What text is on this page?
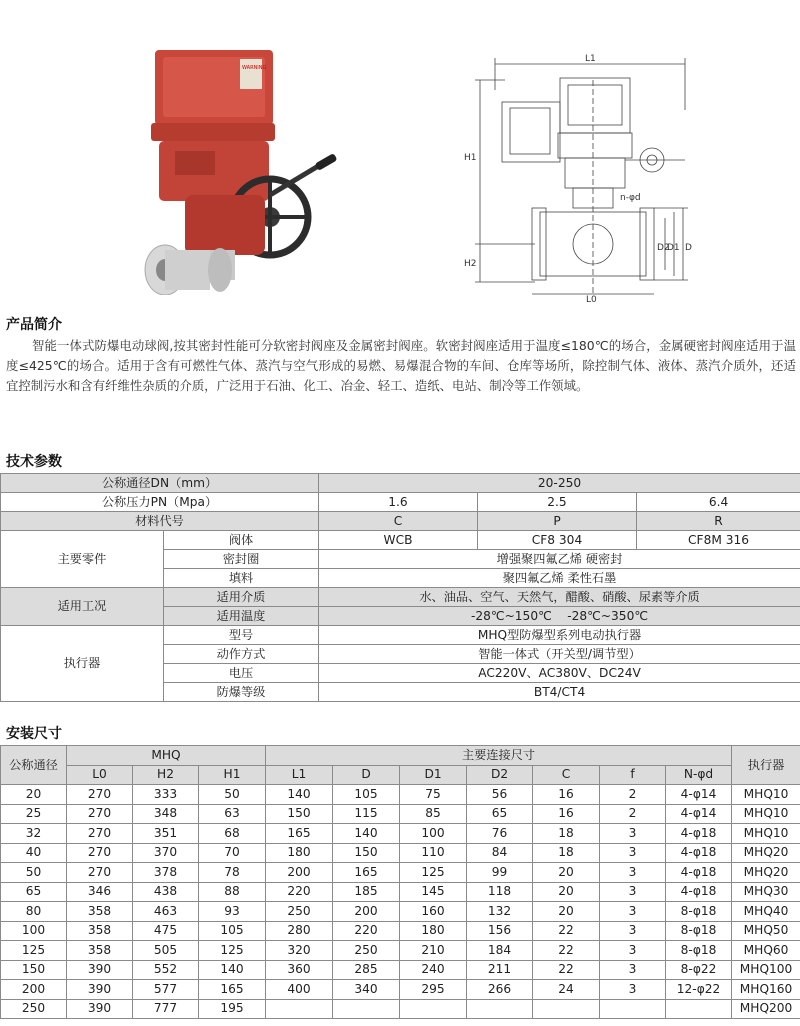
WARNING
L1
H1
H2
L0
n-φd
D2
D1 D
产品简介
智能一体式防爆电动球阀,按其密封性能可分软密封阀座及金属密封阀座。软密封阀座适用于温度≤180℃的场合，金属硬密封阀座适用于温度≤425℃的场合。适用于含有可燃性气体、蒸汽与空气形成的易燃、易爆混合物的车间、仓库等场所，除控制气体、液体、蒸汽介质外，还适宜控制污水和含有纤维性杂质的介质，广泛用于石油、化工、冶金、轻工、造纸、电站、制冷等工作领域。
技术参数
公称通径DN（mm）		20-250		
公称压力PN（Mpa）		1.6	2.5	6.4
材料代号		C	P	R
主要零件	阀体	WCB	CF8 304	CF8M 316
	密封圈	增强聚四氟乙烯 硬密封		
	填料	聚四氟乙烯 柔性石墨		
适用工况	适用介质	水、油品、空气、天然气，醋酸、硝酸、尿素等介质		
	适用温度	-28℃~150℃    -28℃~350℃		
执行器	型号	MHQ型防爆型系列电动执行器		
	动作方式	智能一体式（开关型/调节型）		
	电压	AC220V、AC380V、DC24V		
	防爆等级	BT4/CT4		
安装尺寸
公称通径	MHQ			主要连接尺寸							执行器
	L0	H2	H1	L1	D	D1	D2	C	f	N-φd	
20	270	333	50	140	105	75	56	16	2	4-φ14	MHQ10
25	270	348	63	150	115	85	65	16	2	4-φ14	MHQ10
32	270	351	68	165	140	100	76	18	3	4-φ18	MHQ10
40	270	370	70	180	150	110	84	18	3	4-φ18	MHQ20
50	270	378	78	200	165	125	99	20	3	4-φ18	MHQ20
65	346	438	88	220	185	145	118	20	3	4-φ18	MHQ30
80	358	463	93	250	200	160	132	20	3	8-φ18	MHQ40
100	358	475	105	280	220	180	156	22	3	8-φ18	MHQ50
125	358	505	125	320	250	210	184	22	3	8-φ18	MHQ60
150	390	552	140	360	285	240	211	22	3	8-φ22	MHQ100
200	390	577	165	400	340	295	266	24	3	12-φ22	MHQ160
250	390	777	195								MHQ200
